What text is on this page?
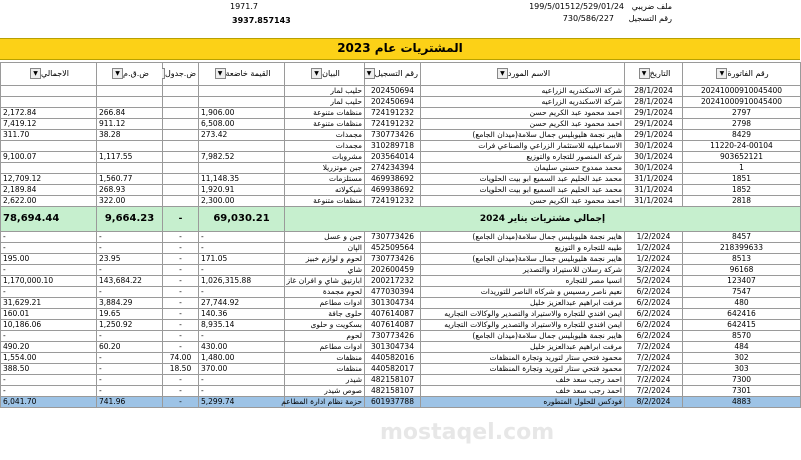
ملف ضريبي
199/5/01512/529/01/24
رقم التسجيل
730/586/227
1971.7
3937.857143
المشتريات عام 2023
رقم الفاتورة▼	التاريخ▼	الاسم المورد▼	رقم التسجيل▼	البيان▼	القيمة خاضعة▼	ض.جدول	ض.ق.م▼	الاجمالي▼
20241000910045400	28/1/2024	شركة الاسكندريه الزراعيه	202450694	حليب لمار				
20241000910045400	28/1/2024	شركة الاسكندريه الزراعيه	202450694	حليب لمار				
2797	29/1/2024	احمد محمود عبد الكريم حسن	724191232	منظفات متنوعة	1,906.00		266.84	2,172.84
2798	29/1/2024	احمد محمود عبد الكريم حسن	724191232	منظفات متنوعة	6,508.00		911.12	7,419.12
8429	29/1/2024	هايبر نجمة هليوبليس جمال سلامة(ميدان الجامع)	730773426	مجمدات	273.42		38.28	311.70
11220-24-00104	30/1/2024	الاسماعيليه للاستثمار الزراعي والصناعي فرات	310289718	مجمدات				
903652121	30/1/2024	شركة المنصور للتجاره والتوزيع	203564014	مشروبات	7,982.52		1,117.55	9,100.07
1	30/1/2024	محمد ممدوح حسني سليمان	274234394	جبن موتزريلا				
1851	31/1/2024	محمد عبد الحليم عبد السميع ابو بيت الحلويات	469938692	مستلزمات	11,148.35		1,560.77	12,709.12
1852	31/1/2024	محمد عبد الحليم عبد السميع ابو بيت الحلويات	469938692	شيكولاته	1,920.91		268.93	2,189.84
2818	31/1/2024	احمد محمود عبد الكريم حسن	724191232	منظفات متنوعة	2,300.00		322.00	2,622.00
إجمالي مشتريات يناير 2024					69,030.21	-	9,664.23	78,694.44
8457	1/2/2024	هايبر نجمة هليوبليس جمال سلامة(ميدان الجامع)	730773426	جبن و عسل	-	-	-	-
218399633	1/2/2024	طيبه للتجاره و التوزيع	452509564	الپان	-	-	-	-
8513	1/2/2024	هايبر نجمة هليوبليس جمال سلامة(ميدان الجامع)	730773426	لحوم و لوازم خبيز	171.05	-	23.95	195.00
96168	3/2/2024	شركة رسلان للاستيراد والتصدير	202600459	شاي	-	-	-	-
123407	5/2/2024	انسيا مصر للتجاره	200217232	ابارتيق شاي و افران غاز	1,026,315.88	-	143,684.22	1,170,000.10
7547	6/2/2024	نعيم ناصر رمسيس و شركاه الناصر للتوريدات	477030394	لحوم مجمدة	-	-	-	-
480	6/2/2024	مرفت ابراهيم عبدالعزيز خليل	301304734	ادوات مطاعم	27,744.92	-	3,884.29	31,629.21
642416	6/2/2024	ايمن افندي للتجاره والاستيراد والتصدير والوكالات التجاريه	407614087	حلوى جافة	140.36	-	19.65	160.01
642415	6/2/2024	ايمن افندي للتجاره والاستيراد والتصدير والوكالات التجاريه	407614087	بسكويت و حلوى	8,935.14	-	1,250.92	10,186.06
8570	6/2/2024	هايبر نجمة هليوبليس جمال سلامة(ميدان الجامع)	730773426	لحوم	-	-	-	-
484	7/2/2024	مرفت ابراهيم عبدالعزيز خليل	301304734	ادوات مطاعم	430.00	-	60.20	490.20
302	7/2/2024	محمود فتحي ستار لتوريد وتجارة المنظفات	440582016	منظفات	1,480.00	74.00	-	1,554.00
303	7/2/2024	محمود فتحي ستار لتوريد وتجارة المنظفات	440582017	منظفات	370.00	18.50	-	388.50
7300	7/2/2024	احمد رجب سعد خلف	482158107	شيدر	-	-	-	-
7301	7/2/2024	احمد رجب سعد خلف	482158107	صوص شيدر	-	-	-	-
4883	8/2/2024	فودكس للحلول المتطوره	601937788	حزمة نظام ادارة المطاعم	5,299.74	-	741.96	6,041.70
mostaqel.com
